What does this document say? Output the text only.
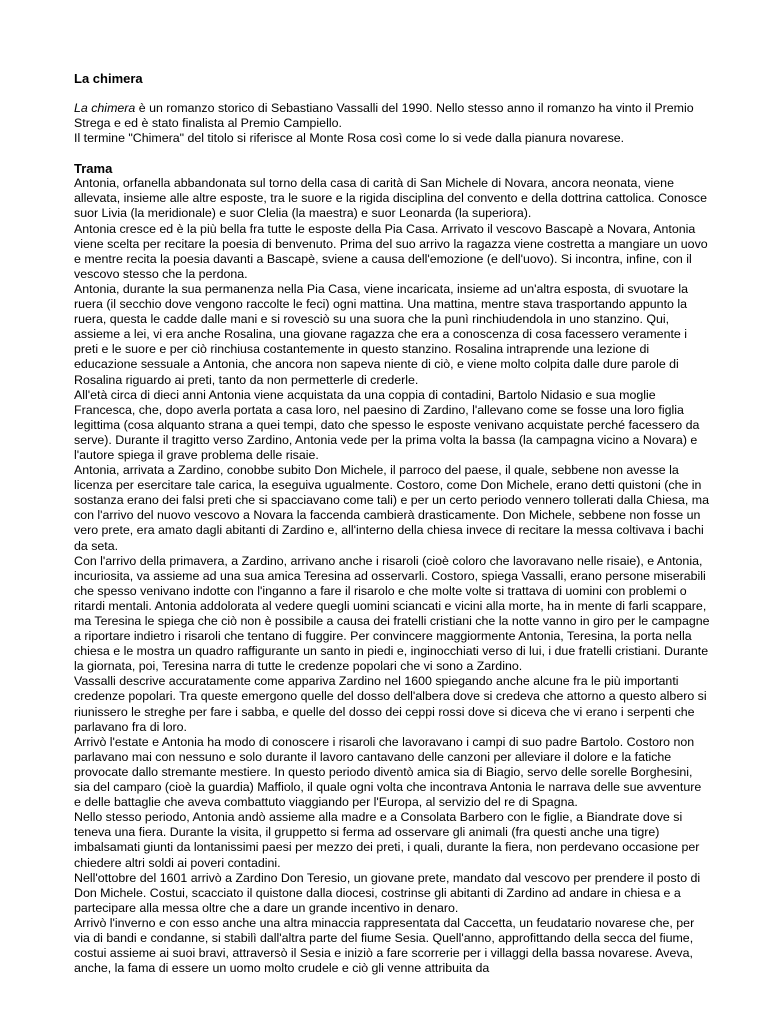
La chimera

La chimera è un romanzo storico di Sebastiano Vassalli del 1990. Nello stesso anno il romanzo ha vinto il Premio Strega e ed è stato finalista al Premio Campiello.
Il termine "Chimera" del titolo si riferisce al Monte Rosa così come lo si vede dalla pianura novarese.

Trama

Antonia, orfanella abbandonata sul torno della casa di carità di San Michele di Novara, ancora neonata, viene allevata, insieme alle altre esposte, tra le suore e la rigida disciplina del convento e della dottrina cattolica. Conosce suor Livia (la meridionale) e suor Clelia (la maestra) e suor Leonarda (la superiora).

Antonia cresce ed è la più bella fra tutte le esposte della Pia Casa. Arrivato il vescovo Bascapè a Novara, Antonia viene scelta per recitare la poesia di benvenuto. Prima del suo arrivo la ragazza viene costretta a mangiare un uovo e mentre recita la poesia davanti a Bascapè, sviene a causa dell'emozione (e dell'uovo). Si incontra, infine, con il vescovo stesso che la perdona.

Antonia, durante la sua permanenza nella Pia Casa, viene incaricata, insieme ad un'altra esposta, di svuotare la ruera (il secchio dove vengono raccolte le feci) ogni mattina. Una mattina, mentre stava trasportando appunto la ruera, questa le cadde dalle mani e si rovesciò su una suora che la punì rinchiudendola in uno stanzino. Qui, assieme a lei, vi era anche Rosalina, una giovane ragazza che era a conoscenza di cosa facessero veramente i preti e le suore e per ciò rinchiusa costantemente in questo stanzino. Rosalina intraprende una lezione di educazione sessuale a Antonia, che ancora non sapeva niente di ciò, e viene molto colpita dalle dure parole di Rosalina riguardo ai preti, tanto da non permetterle di crederle.

All'età circa di dieci anni Antonia viene acquistata da una coppia di contadini, Bartolo Nidasio e sua moglie Francesca, che, dopo averla portata a casa loro, nel paesino di Zardino, l'allevano come se fosse una loro figlia legittima (cosa alquanto strana a quei tempi, dato che spesso le esposte venivano acquistate perché facessero da serve). Durante il tragitto verso Zardino, Antonia vede per la prima volta la bassa (la campagna vicino a Novara) e l'autore spiega il grave problema delle risaie.

Antonia, arrivata a Zardino, conobbe subito Don Michele, il parroco del paese, il quale, sebbene non avesse la licenza per esercitare tale carica, la eseguiva ugualmente. Costoro, come Don Michele, erano detti quistoni (che in sostanza erano dei falsi preti che si spacciavano come tali) e per un certo periodo vennero tollerati dalla Chiesa, ma con l'arrivo del nuovo vescovo a Novara la faccenda cambierà drasticamente. Don Michele, sebbene non fosse un vero prete, era amato dagli abitanti di Zardino e, all'interno della chiesa invece di recitare la messa coltivava i bachi da seta.

Con l'arrivo della primavera, a Zardino, arrivano anche i risaroli (cioè coloro che lavoravano nelle risaie), e Antonia, incuriosita, va assieme ad una sua amica Teresina ad osservarli. Costoro, spiega Vassalli, erano persone miserabili che spesso venivano indotte con l'inganno a fare il risarolo e che molte volte si trattava di uomini con problemi o ritardi mentali. Antonia addolorata al vedere quegli uomini sciancati e vicini alla morte, ha in mente di farli scappare, ma Teresina le spiega che ciò non è possibile a causa dei fratelli cristiani che la notte vanno in giro per le campagne a riportare indietro i risaroli che tentano di fuggire. Per convincere maggiormente Antonia, Teresina, la porta nella chiesa e le mostra un quadro raffigurante un santo in piedi e, inginocchiati verso di lui, i due fratelli cristiani. Durante la giornata, poi, Teresina narra di tutte le credenze popolari che vi sono a Zardino.

Vassalli descrive accuratamente come appariva Zardino nel 1600 spiegando anche alcune fra le più importanti credenze popolari. Tra queste emergono quelle del dosso dell'albera dove si credeva che attorno a questo albero si riunissero le streghe per fare i sabba, e quelle del dosso dei ceppi rossi dove si diceva che vi erano i serpenti che parlavano fra di loro.

Arrivò l'estate e Antonia ha modo di conoscere i risaroli che lavoravano i campi di suo padre Bartolo. Costoro non parlavano mai con nessuno e solo durante il lavoro cantavano delle canzoni per alleviare il dolore e la fatiche provocate dallo stremante mestiere. In questo periodo diventò amica sia di Biagio, servo delle sorelle Borghesini, sia del camparo (cioè la guardia) Maffiolo, il quale ogni volta che incontrava Antonia le narrava delle sue avventure e delle battaglie che aveva combattuto viaggiando per l'Europa, al servizio del re di Spagna.

Nello stesso periodo, Antonia andò assieme alla madre e a Consolata Barbero con le figlie, a Biandrate dove si teneva una fiera. Durante la visita, il gruppetto si ferma ad osservare gli animali (fra questi anche una tigre) imbalsamati giunti da lontanissimi paesi per mezzo dei preti, i quali, durante la fiera, non perdevano occasione per chiedere altri soldi ai poveri contadini.

Nell'ottobre del 1601 arrivò a Zardino Don Teresio, un giovane prete, mandato dal vescovo per prendere il posto di Don Michele. Costui, scacciato il quistone dalla diocesi, costrinse gli abitanti di Zardino ad andare in chiesa e a partecipare alla messa oltre che a dare un grande incentivo in denaro.

Arrivò l'inverno e con esso anche una altra minaccia rappresentata dal Caccetta, un feudatario novarese che, per via di bandi e condanne, si stabilì dall'altra parte del fiume Sesia. Quell'anno, approfittando della secca del fiume, costui assieme ai suoi bravi, attraversò il Sesia e iniziò a fare scorrerie per i villaggi della bassa novarese. Aveva, anche, la fama di essere un uomo molto crudele e ciò gli venne attribuita da
